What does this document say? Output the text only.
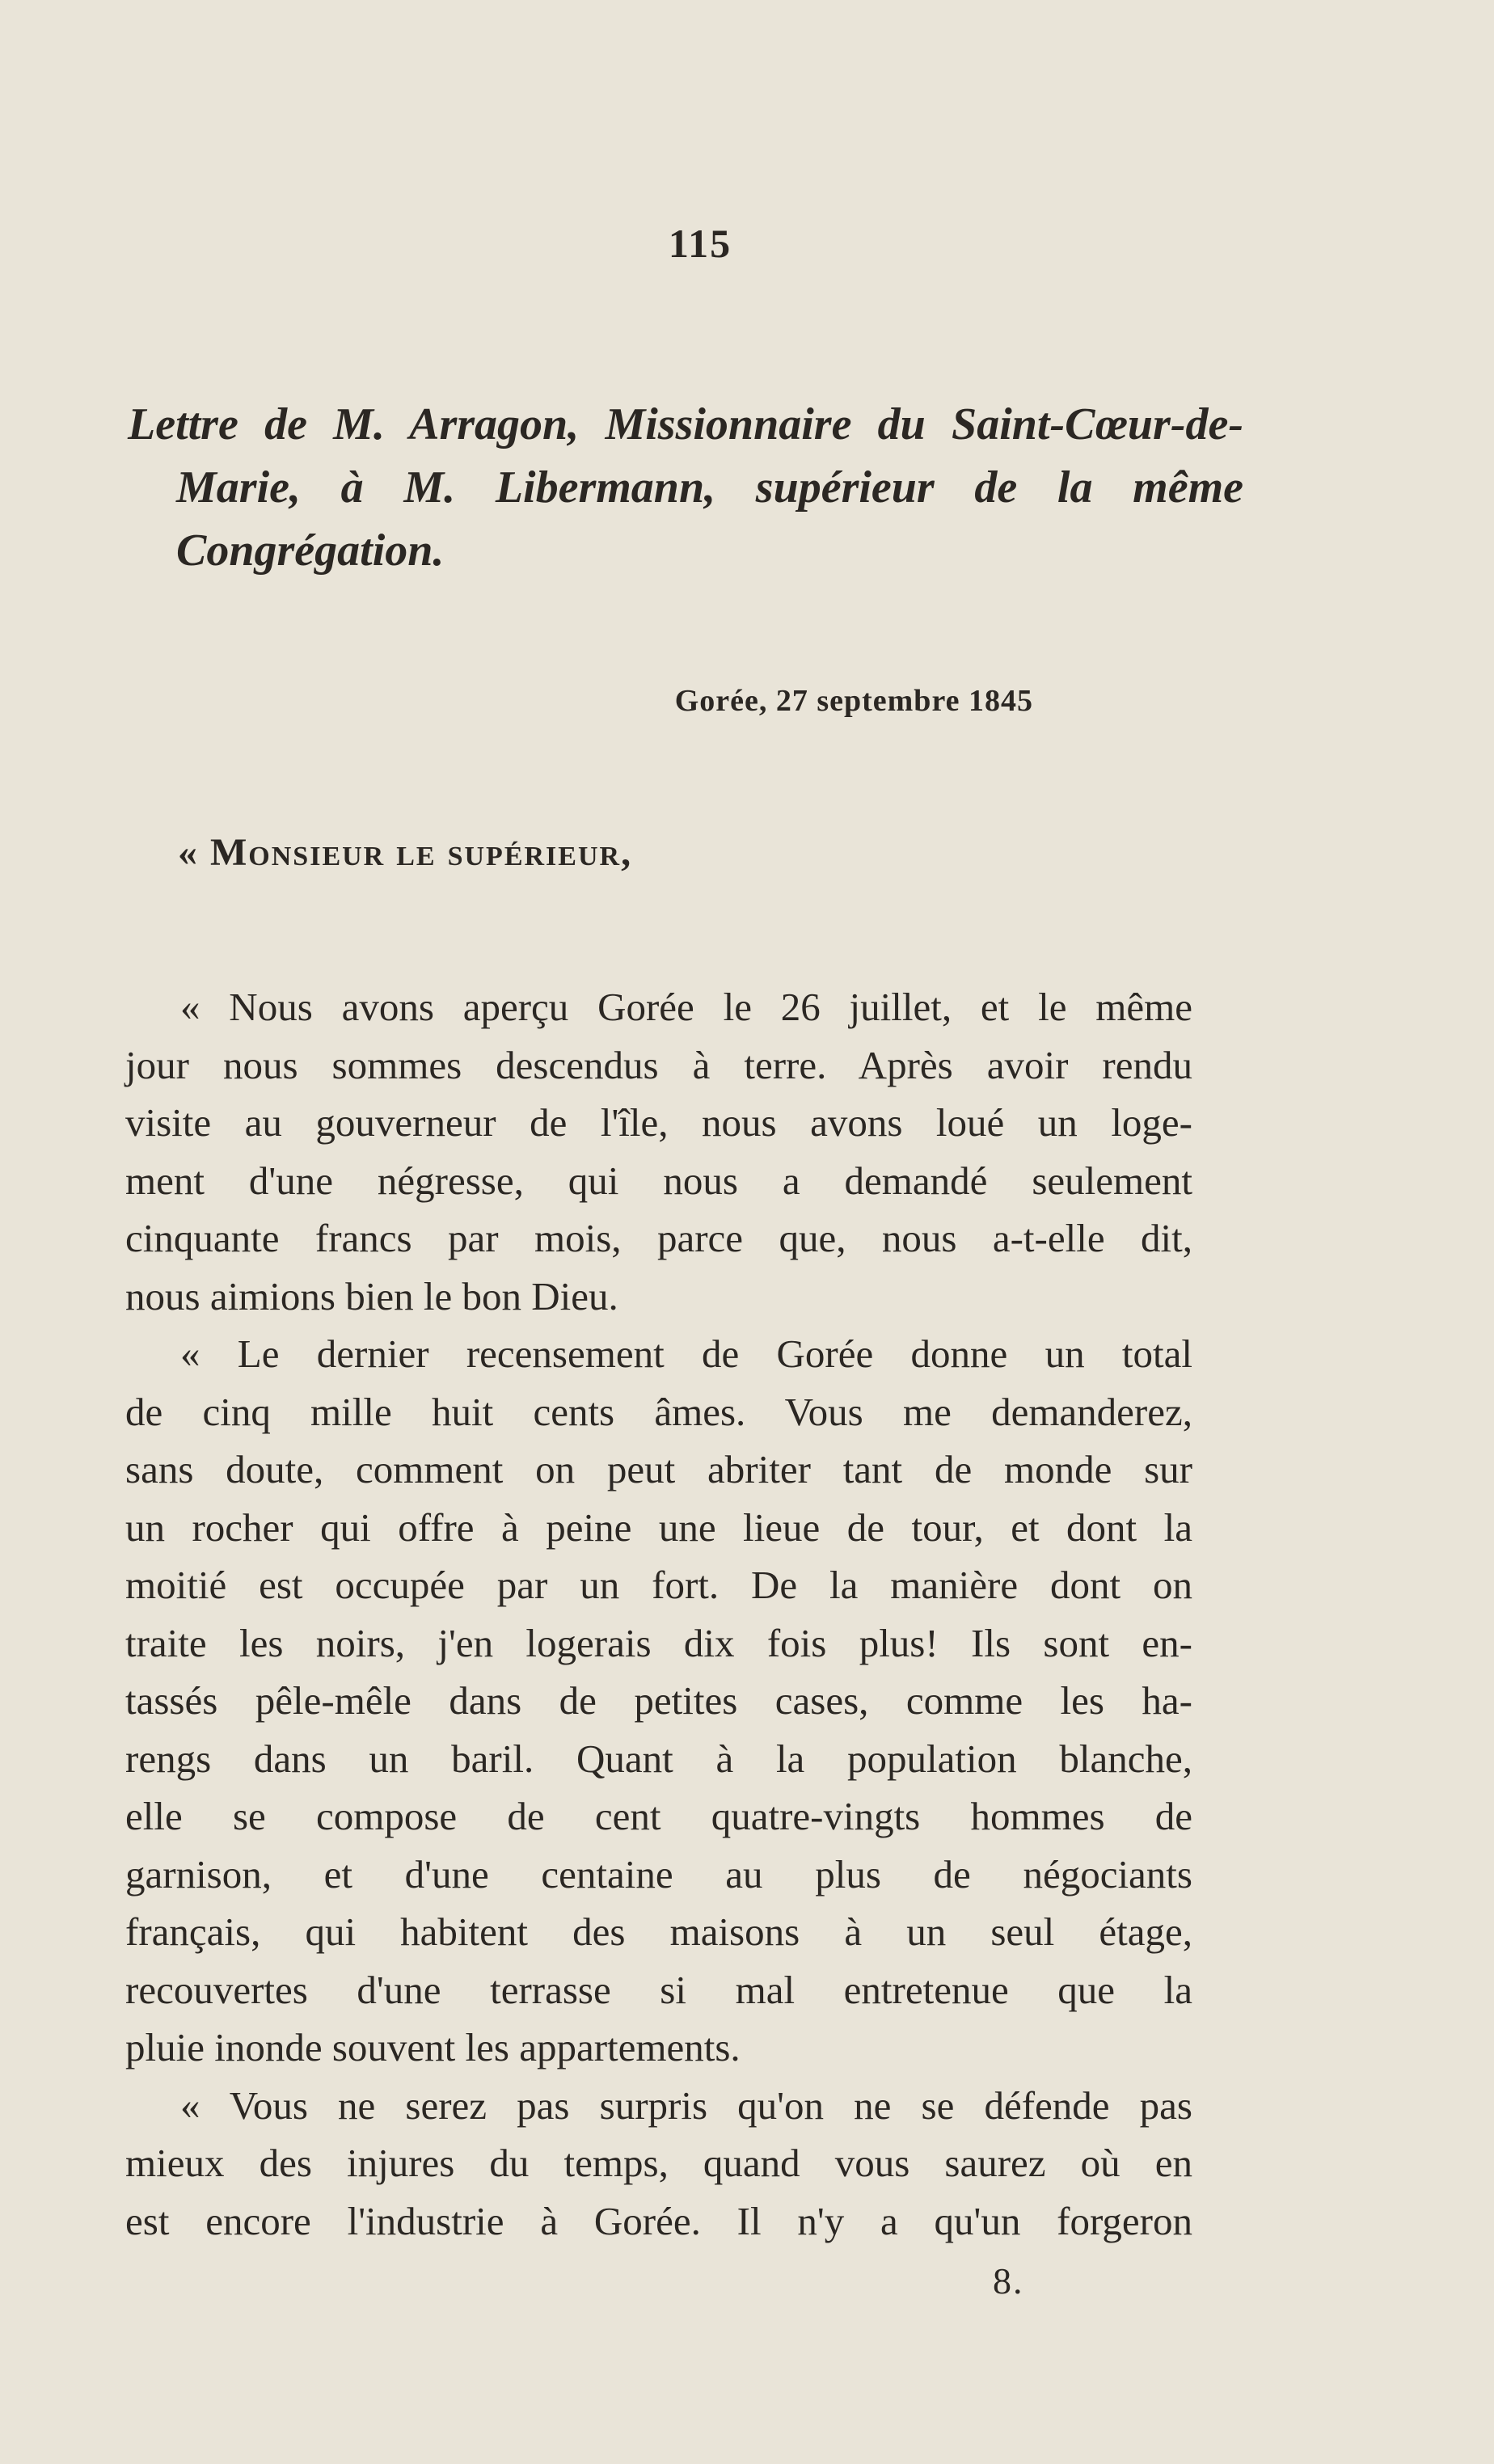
115
Lettre de M. Arragon, Missionnaire du Saint-Cœur-de-Marie, à M. Libermann, supérieur de la même Congrégation.
Gorée, 27 septembre 1845
« Monsieur le supérieur,
« Nous avons aperçu Gorée le 26 juillet, et le même
jour nous sommes descendus à terre. Après avoir rendu
visite au gouverneur de l'île, nous avons loué un loge-
ment d'une négresse, qui nous a demandé seulement
cinquante francs par mois, parce que, nous a-t-elle dit,
nous aimions bien le bon Dieu.
« Le dernier recensement de Gorée donne un total
de cinq mille huit cents âmes. Vous me demanderez,
sans doute, comment on peut abriter tant de monde sur
un rocher qui offre à peine une lieue de tour, et dont la
moitié est occupée par un fort. De la manière dont on
traite les noirs, j'en logerais dix fois plus! Ils sont en-
tassés pêle-mêle dans de petites cases, comme les ha-
rengs dans un baril. Quant à la population blanche,
elle se compose de cent quatre-vingts hommes de
garnison, et d'une centaine au plus de négociants
français, qui habitent des maisons à un seul étage,
recouvertes d'une terrasse si mal entretenue que la
pluie inonde souvent les appartements.
« Vous ne serez pas surpris qu'on ne se défende pas
mieux des injures du temps, quand vous saurez où en
est encore l'industrie à Gorée. Il n'y a qu'un forgeron
8.
